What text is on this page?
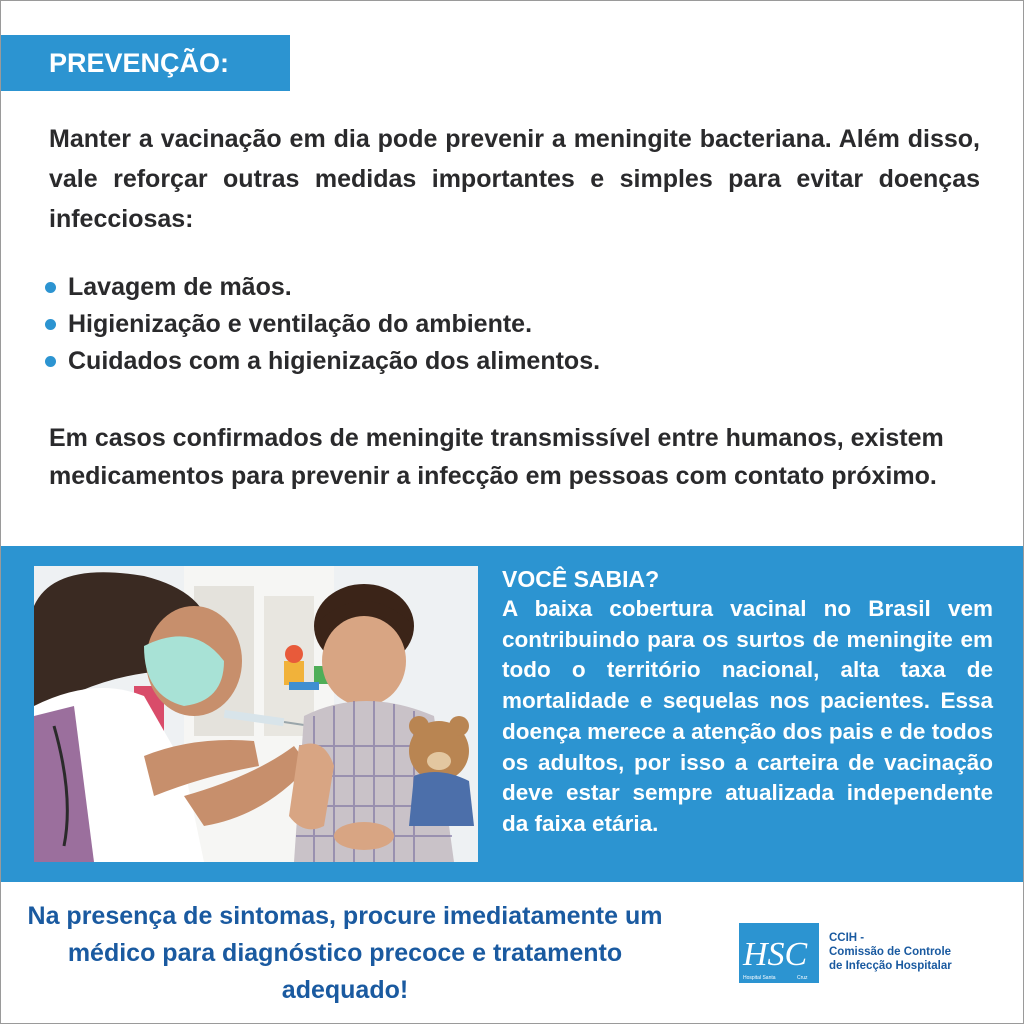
PREVENÇÃO:

Manter a vacinação em dia pode prevenir a meningite bacteriana. Além disso, vale reforçar outras medidas importantes e simples para evitar doenças infecciosas:

Lavagem de mãos.
Higienização e ventilação do ambiente.
Cuidados com a higienização dos alimentos.

Em casos confirmados de meningite transmissível entre humanos, existem medicamentos para prevenir a infecção em pessoas com contato próximo.

VOCÊ SABIA?

A baixa cobertura vacinal no Brasil vem contribuindo para os surtos de meningite em todo o território nacional, alta taxa de mortalidade e sequelas nos pacientes. Essa doença merece a atenção dos pais e de todos os adultos, por isso a carteira de vacinação deve estar sempre atualizada independente da faixa etária.

Na presença de sintomas, procure imediatamente um médico para diagnóstico precoce e tratamento adequado!

HSC
Hospital Santa	Cruz
CCIH -
Comissão de Controle
de Infecção Hospitalar
